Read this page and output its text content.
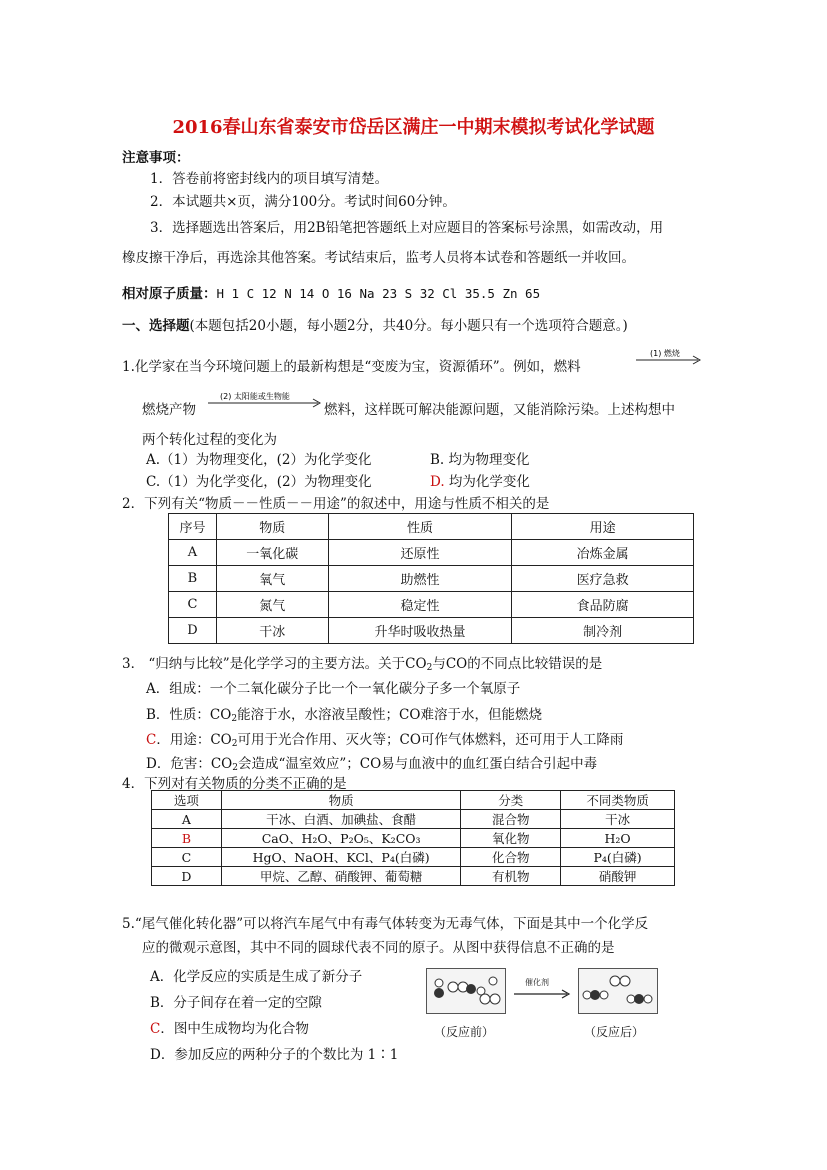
2016春山东省泰安市岱岳区满庄一中期末模拟考试化学试题
注意事项：
1．答卷前将密封线内的项目填写清楚。
2．本试题共×页，满分100分。考试时间60分钟。
3．选择题选出答案后，用2B铅笔把答题纸上对应题目的答案标号涂黑，如需改动，用
橡皮擦干净后，再选涂其他答案。考试结束后，监考人员将本试卷和答题纸一并收回。
相对原子质量：H 1 C 12 N 14 O 16 Na 23 S 32 Cl 35.5 Zn 65
一、选择题(本题包括20小题，每小题2分，共40分。每小题只有一个选项符合题意。)
1.化学家在当今环境问题上的最新构想是“变废为宝，资源循环”。例如，燃料
(1) 燃烧
燃烧产物
(2) 太阳能或生物能
燃料，这样既可解决能源问题，又能消除污染。上述构想中
两个转化过程的变化为
A.（1）为物理变化，(2）为化学变化	B. 均为物理变化
C.（1）为化学变化，(2）为物理变化	D. 均为化学变化
2．下列有关“物质－－性质－－用途”的叙述中，用途与性质不相关的是
序号	物质	性质	用途
A	一氧化碳	还原性	冶炼金属
B	氧气	助燃性	医疗急救
C	氮气	稳定性	食品防腐
D	干冰	升华时吸收热量	制冷剂
3． “归纳与比较”是化学学习的主要方法。关于$CO_2$与CO的不同点比较错误的是
A．组成：一个二氧化碳分子比一个一氧化碳分子多一个氧原子
B．性质：$CO_2$能溶于水，水溶液呈酸性；CO难溶于水，但能燃烧
C．用途：$CO_2$可用于光合作用、灭火等；CO可作气体燃料，还可用于人工降雨
D．危害：$CO_2$会造成“温室效应”；CO易与血液中的血红蛋白结合引起中毒
4．下列对有关物质的分类不正确的是
选项	物质	分类	不同类物质
A	干冰、白酒、加碘盐、食醋	混合物	干冰
B	CaO、H₂O、P₂O₅、K₂CO₃	氧化物	H₂O
C	HgO、NaOH、KCl、P₄(白磷)	化合物	P₄(白磷)
D	甲烷、乙醇、硝酸钾、葡萄糖	有机物	硝酸钾
5.“尾气催化转化器”可以将汽车尾气中有毒气体转变为无毒气体，下面是其中一个化学反
应的微观示意图，其中不同的圆球代表不同的原子。从图中获得信息不正确的是
A．化学反应的实质是生成了新分子
B．分子间存在着一定的空隙
C．图中生成物均为化合物
D．参加反应的两种分子的个数比为 1∶1
催化剂
（反应前）	（反应后）
